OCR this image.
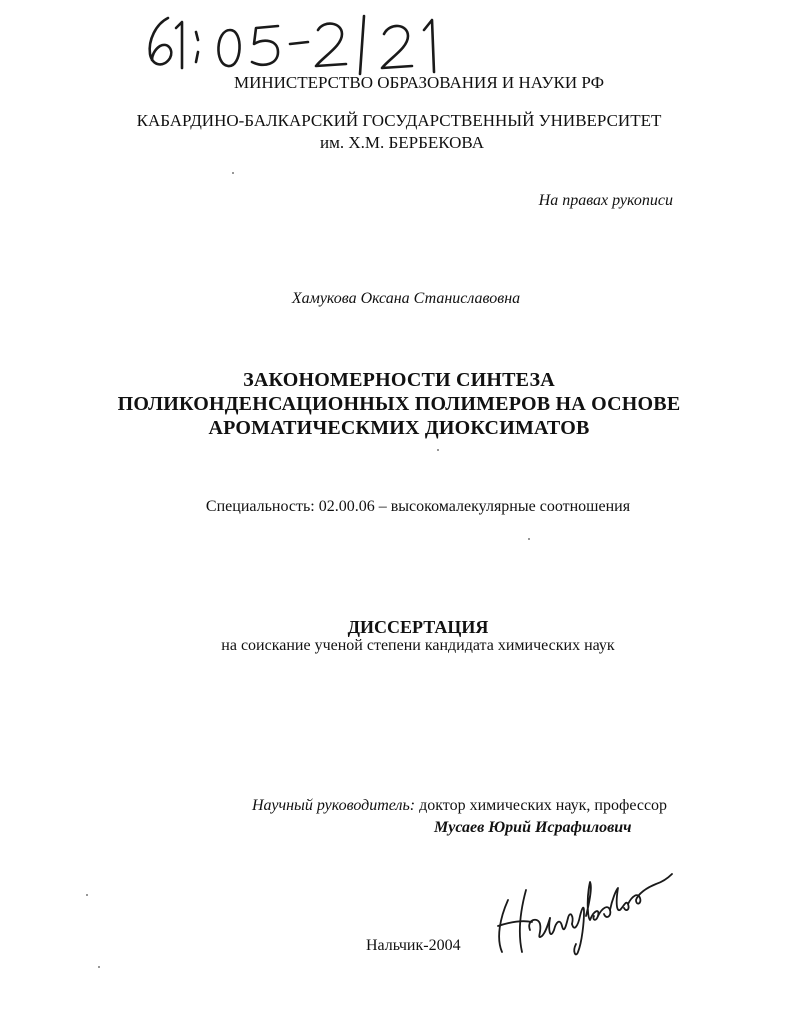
МИНИСТЕРСТВО ОБРАЗОВАНИЯ И НАУКИ РФ
КАБАРДИНО-БАЛКАРСКИЙ ГОСУДАРСТВЕННЫЙ УНИВЕРСИТЕТ
им. Х.М. БЕРБЕКОВА
На правах рукописи
Хамукова Оксана Станиславовна
ЗАКОНОМЕРНОСТИ СИНТЕЗА
ПОЛИКОНДЕНСАЦИОННЫХ ПОЛИМЕРОВ НА ОСНОВЕ
АРОМАТИЧЕСКМИХ ДИОКСИМАТОВ
Специальность: 02.00.06 – высокомалекулярные соотношения
ДИССЕРТАЦИЯ
на соискание ученой степени кандидата химических наук
Научный руководитель: доктор химических наук, профессор
Мусаев Юрий Исрафилович
Нальчик-2004
